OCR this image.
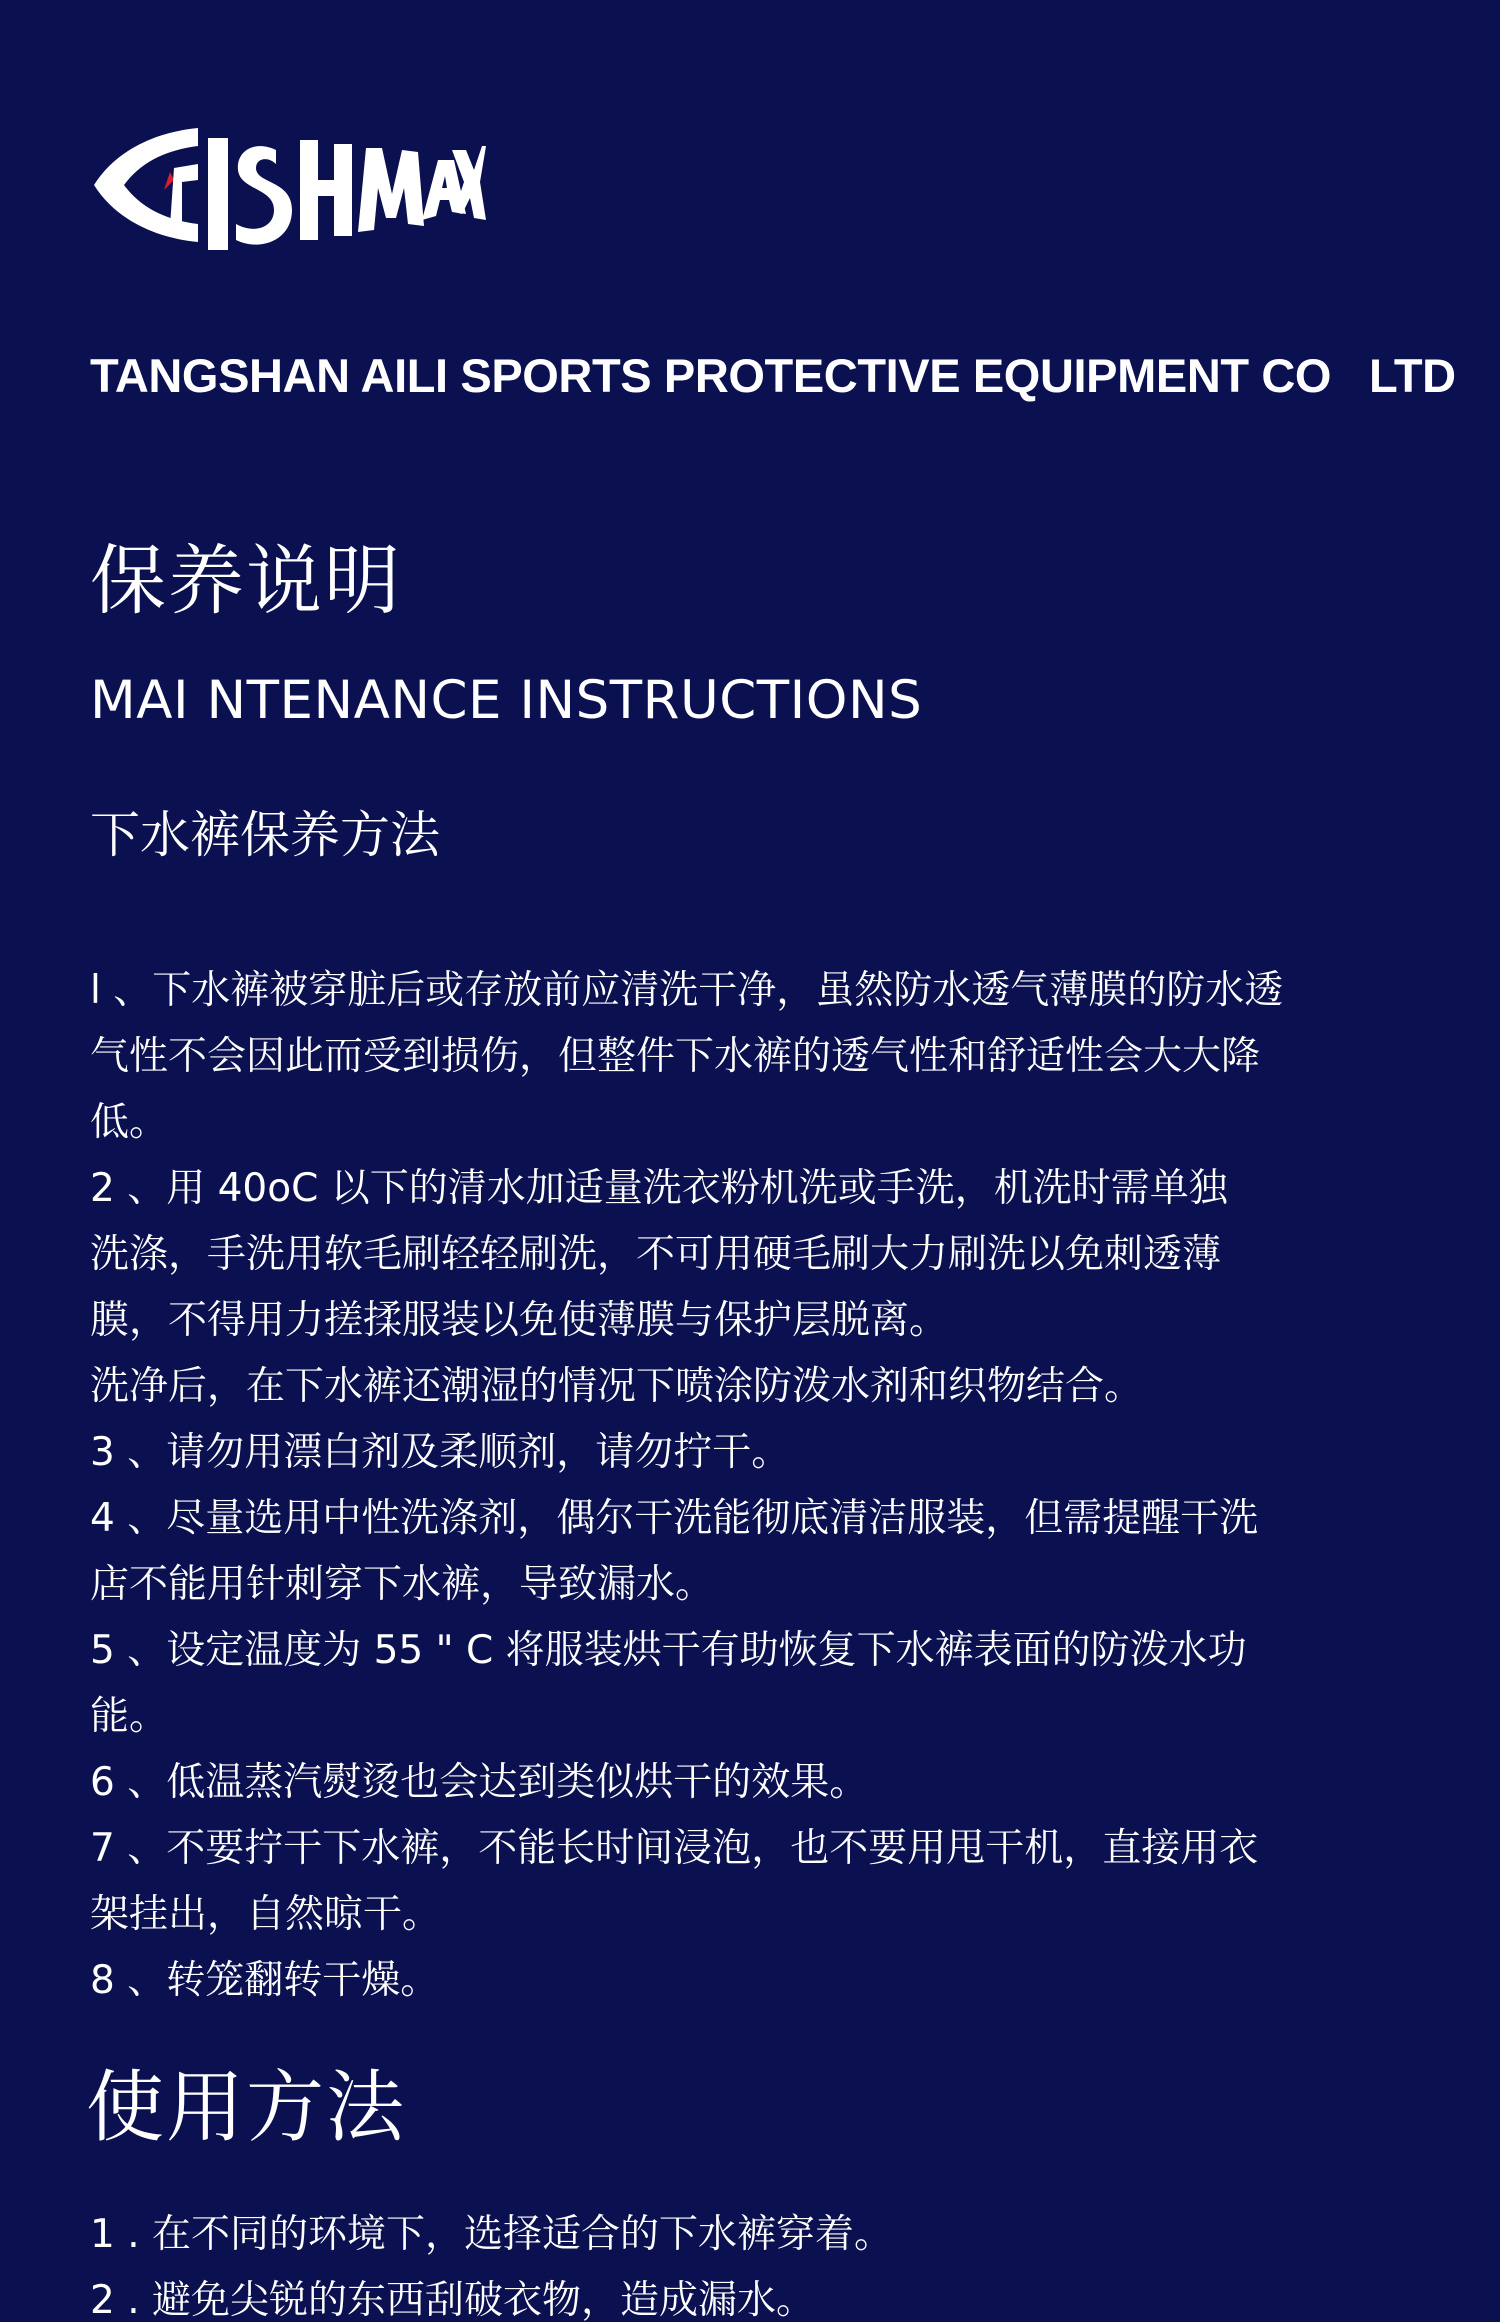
TANGSHAN AILI SPORTS PROTECTIVE EQUIPMENT CO   LTD
保养说明
MAI NTENANCE INSTRUCTIONS
下水裤保养方法

l 、下水裤被穿脏后或存放前应清洗干净，虽然防水透气薄膜的防水透
气性不会因此而受到损伤，但整件下水裤的透气性和舒适性会大大降
低。

2 、用 40oC 以下的清水加适量洗衣粉机洗或手洗，机洗时需单独
洗涤，手洗用软毛刷轻轻刷洗，不可用硬毛刷大力刷洗以免刺透薄
膜，不得用力搓揉服装以免使薄膜与保护层脱离。

洗净后，在下水裤还潮湿的情况下喷涂防泼水剂和织物结合。

3 、请勿用漂白剂及柔顺剂，请勿拧干。

4 、尽量选用中性洗涤剂，偶尔干洗能彻底清洁服装，但需提醒干洗
店不能用针刺穿下水裤，导致漏水。

5 、设定温度为 55 " C 将服装烘干有助恢复下水裤表面的防泼水功
能。

6 、低温蒸汽熨烫也会达到类似烘干的效果。

7 、不要拧干下水裤，不能长时间浸泡，也不要用甩干机，直接用衣
架挂出，自然晾干。

8 、转笼翻转干燥。

使用方法

1 . 在不同的环境下，选择适合的下水裤穿着。

2 . 避免尖锐的东西刮破衣物，造成漏水。
